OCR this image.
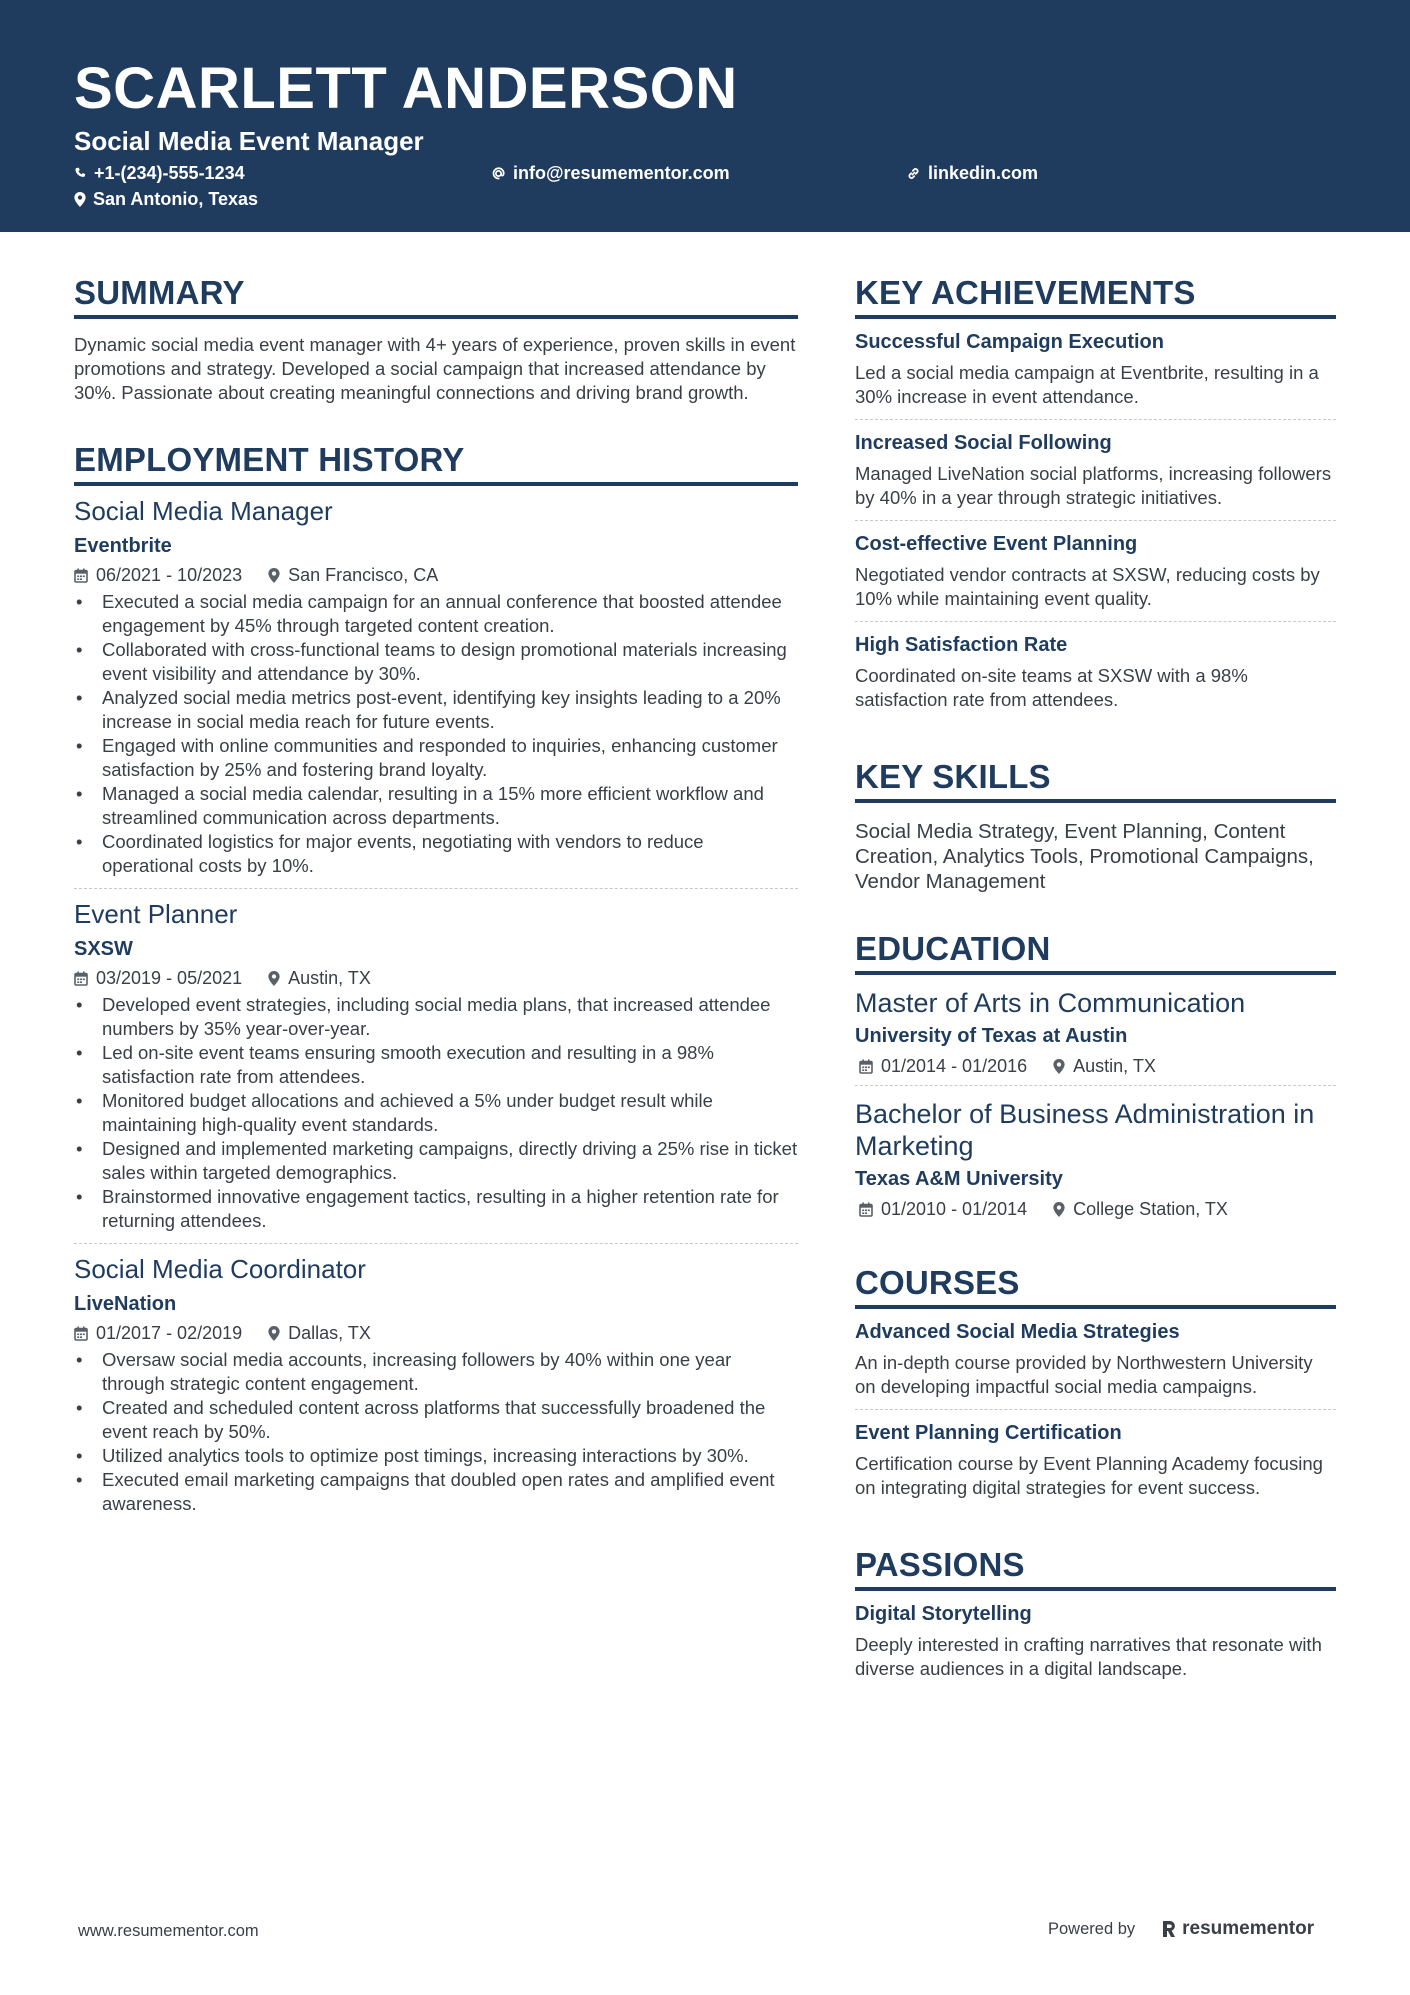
SCARLETT ANDERSON
Social Media Event Manager
+1-(234)-555-1234	info@resumementor.com	linkedin.com
San Antonio, Texas
SUMMARY
Dynamic social media event manager with 4+ years of experience, proven skills in event promotions and strategy. Developed a social campaign that increased attendance by 30%. Passionate about creating meaningful connections and driving brand growth.
EMPLOYMENT HISTORY
Social Media Manager
Eventbrite
06/2021 - 10/2023	San Francisco, CA
• Executed a social media campaign for an annual conference that boosted attendee engagement by 45% through targeted content creation.
• Collaborated with cross-functional teams to design promotional materials increasing event visibility and attendance by 30%.
• Analyzed social media metrics post-event, identifying key insights leading to a 20% increase in social media reach for future events.
• Engaged with online communities and responded to inquiries, enhancing customer satisfaction by 25% and fostering brand loyalty.
• Managed a social media calendar, resulting in a 15% more efficient workflow and streamlined communication across departments.
• Coordinated logistics for major events, negotiating with vendors to reduce operational costs by 10%.
Event Planner
SXSW
03/2019 - 05/2021	Austin, TX
• Developed event strategies, including social media plans, that increased attendee numbers by 35% year-over-year.
• Led on-site event teams ensuring smooth execution and resulting in a 98% satisfaction rate from attendees.
• Monitored budget allocations and achieved a 5% under budget result while maintaining high-quality event standards.
• Designed and implemented marketing campaigns, directly driving a 25% rise in ticket sales within targeted demographics.
• Brainstormed innovative engagement tactics, resulting in a higher retention rate for returning attendees.
Social Media Coordinator
LiveNation
01/2017 - 02/2019	Dallas, TX
• Oversaw social media accounts, increasing followers by 40% within one year through strategic content engagement.
• Created and scheduled content across platforms that successfully broadened the event reach by 50%.
• Utilized analytics tools to optimize post timings, increasing interactions by 30%.
• Executed email marketing campaigns that doubled open rates and amplified event awareness.
KEY ACHIEVEMENTS
Successful Campaign Execution
Led a social media campaign at Eventbrite, resulting in a 30% increase in event attendance.
Increased Social Following
Managed LiveNation social platforms, increasing followers by 40% in a year through strategic initiatives.
Cost-effective Event Planning
Negotiated vendor contracts at SXSW, reducing costs by 10% while maintaining event quality.
High Satisfaction Rate
Coordinated on-site teams at SXSW with a 98% satisfaction rate from attendees.
KEY SKILLS
Social Media Strategy, Event Planning, Content Creation, Analytics Tools, Promotional Campaigns, Vendor Management
EDUCATION
Master of Arts in Communication
University of Texas at Austin
01/2014 - 01/2016	Austin, TX
Bachelor of Business Administration in Marketing
Texas A&M University
01/2010 - 01/2014	College Station, TX
COURSES
Advanced Social Media Strategies
An in-depth course provided by Northwestern University on developing impactful social media campaigns.
Event Planning Certification
Certification course by Event Planning Academy focusing on integrating digital strategies for event success.
PASSIONS
Digital Storytelling
Deeply interested in crafting narratives that resonate with diverse audiences in a digital landscape.
www.resumementor.com	Powered by resumementor
